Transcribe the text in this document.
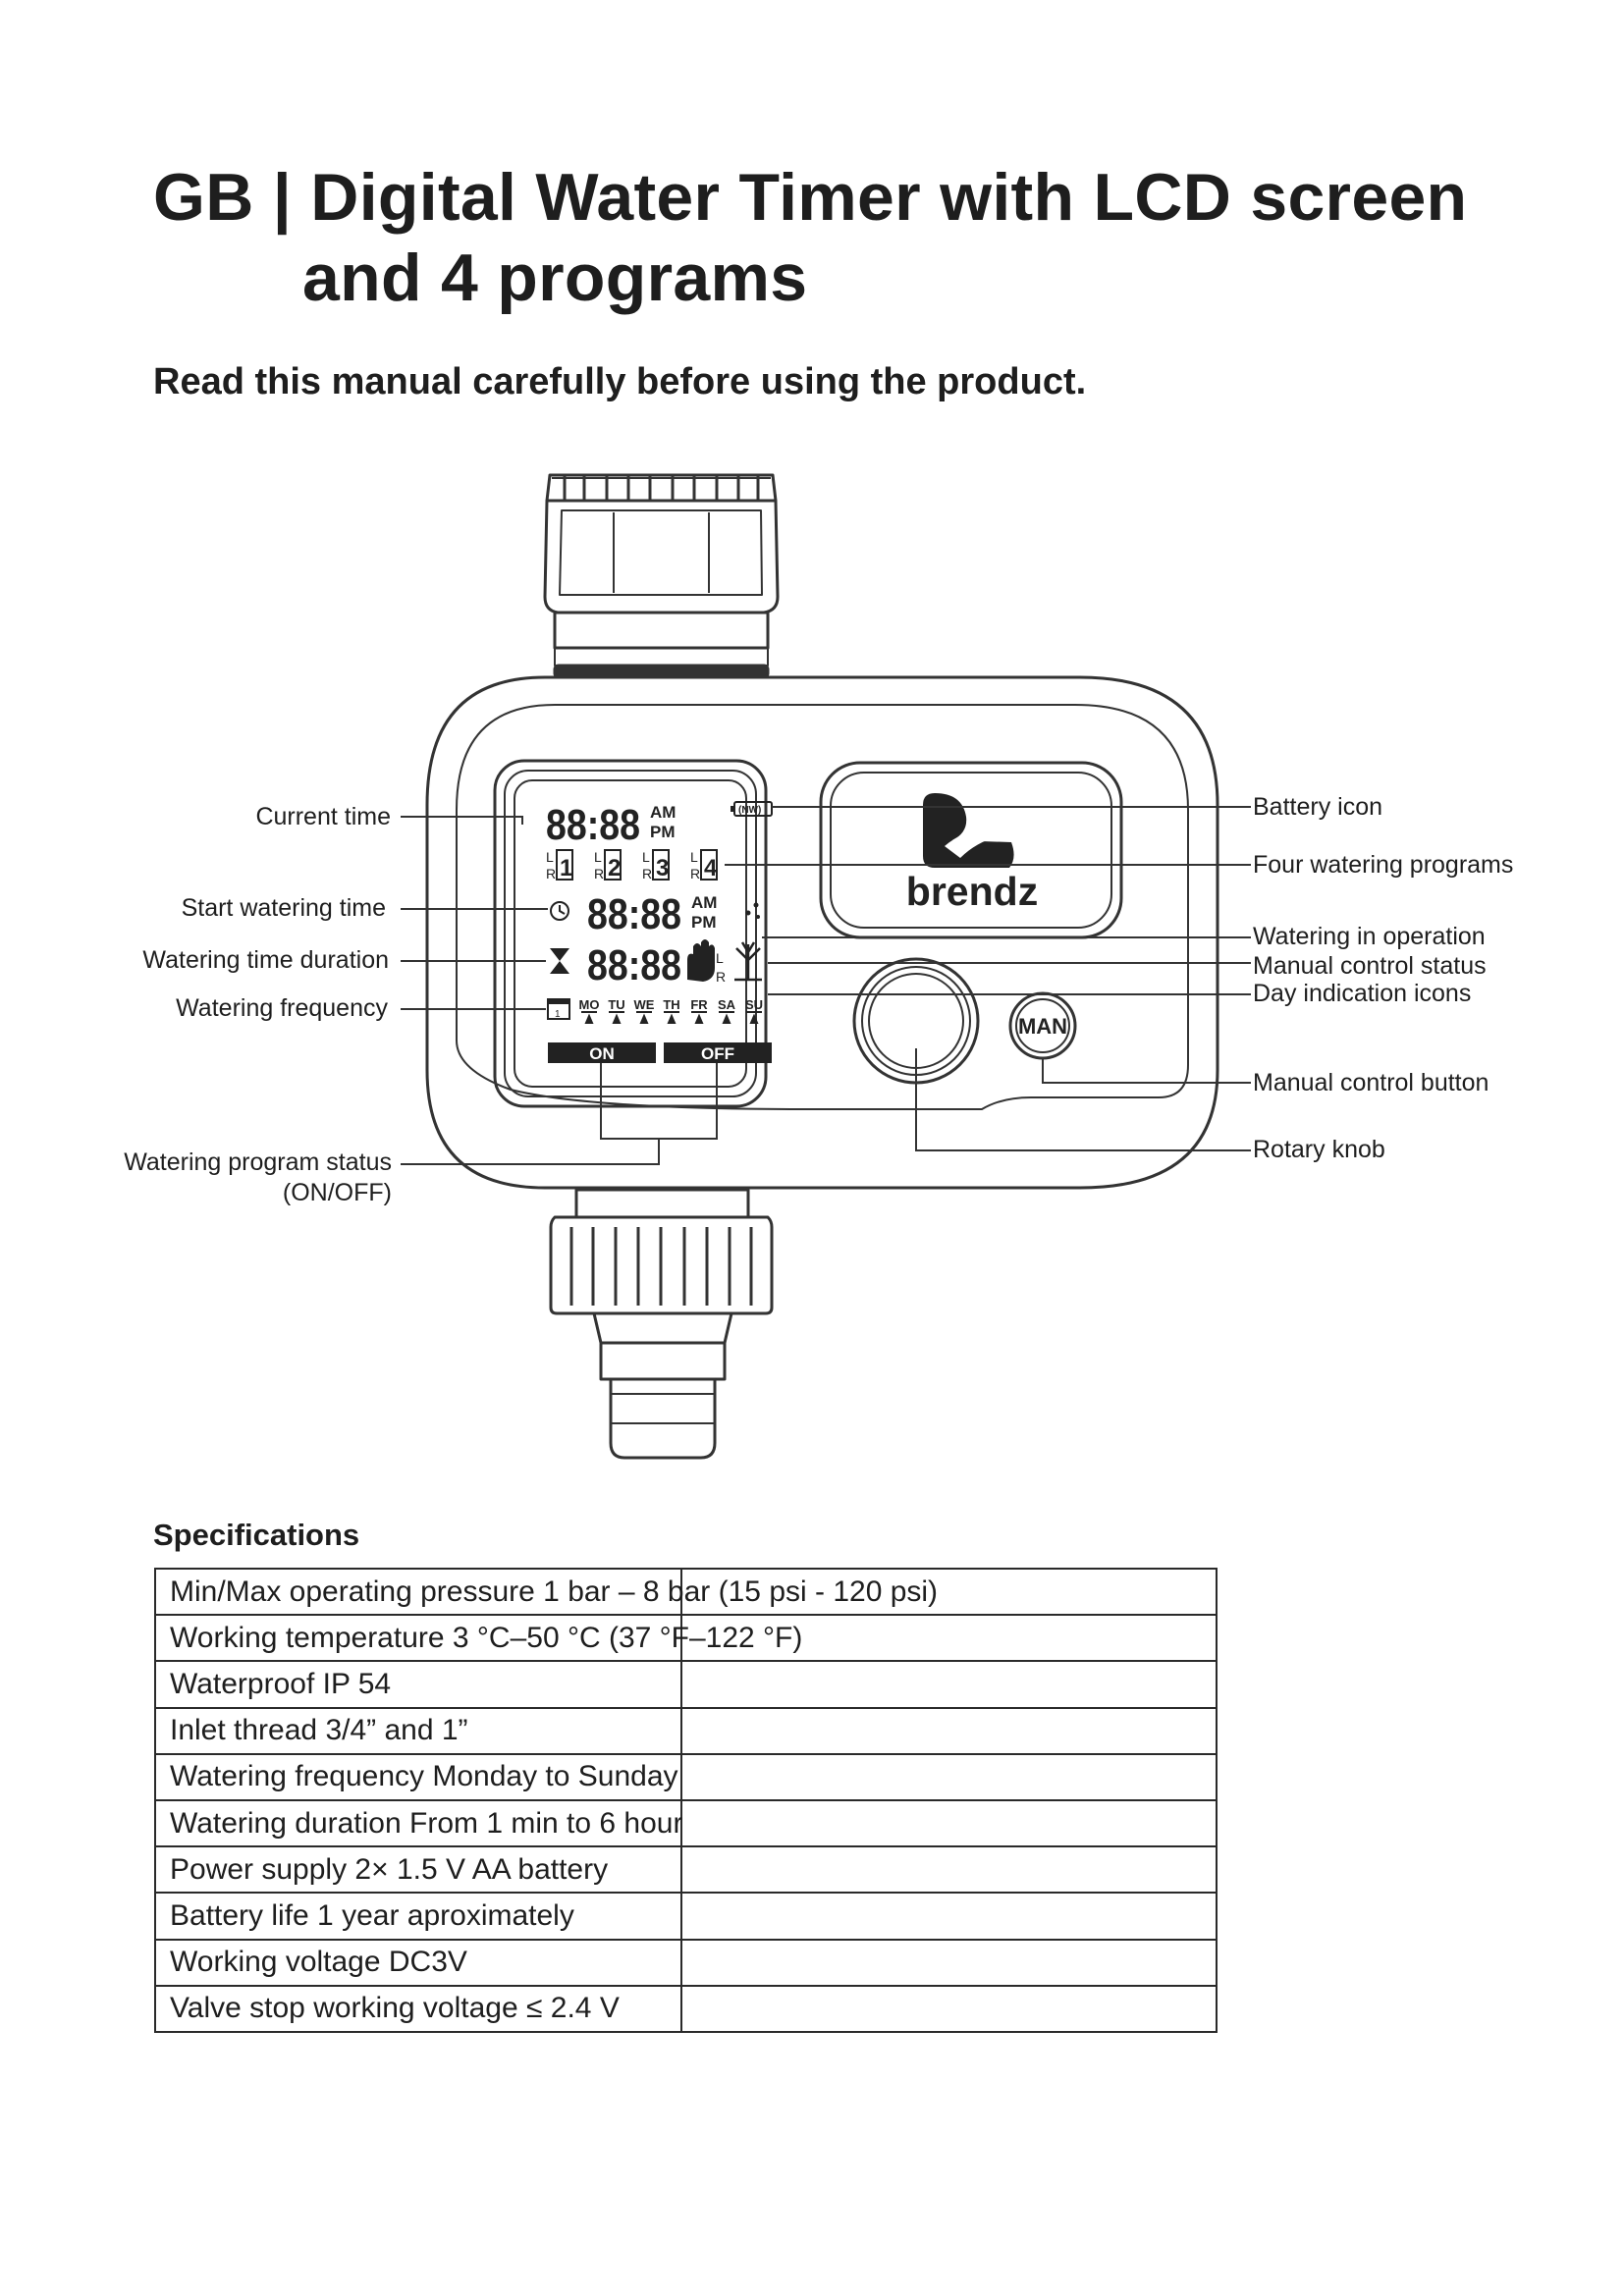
GB | Digital Water Timer with LCD screen
and 4 programs

Read this manual carefully before using the product.

brendz
88:88 AM
PM
(NW)
L
R 1 L
R 2 L
R 3 L
R 4
88:88 AM
PM
88:88	L
R
1
MO TU WE TH FR SA SU
ON	OFF
MAN
Current time
Start watering time
Watering time duration
Watering frequency
Watering program status
(ON/OFF)
Battery icon
Four watering programs
Watering in operation
Manual control status
Day indication icons
Manual control button
Rotary knob

Specifications

Min/Max operating pressure 1 bar – 8 bar (15 psi - 120 psi)	
Working temperature 3 °C–50 °C (37 °F–122 °F)	
Waterproof IP 54	
Inlet thread 3/4” and 1”	
Watering frequency Monday to Sunday	
Watering duration From 1 min to 6 hour	
Power supply 2× 1.5 V AA battery	
Battery life 1 year aproximately	
Working voltage DC3V	
Valve stop working voltage ≤ 2.4 V	
